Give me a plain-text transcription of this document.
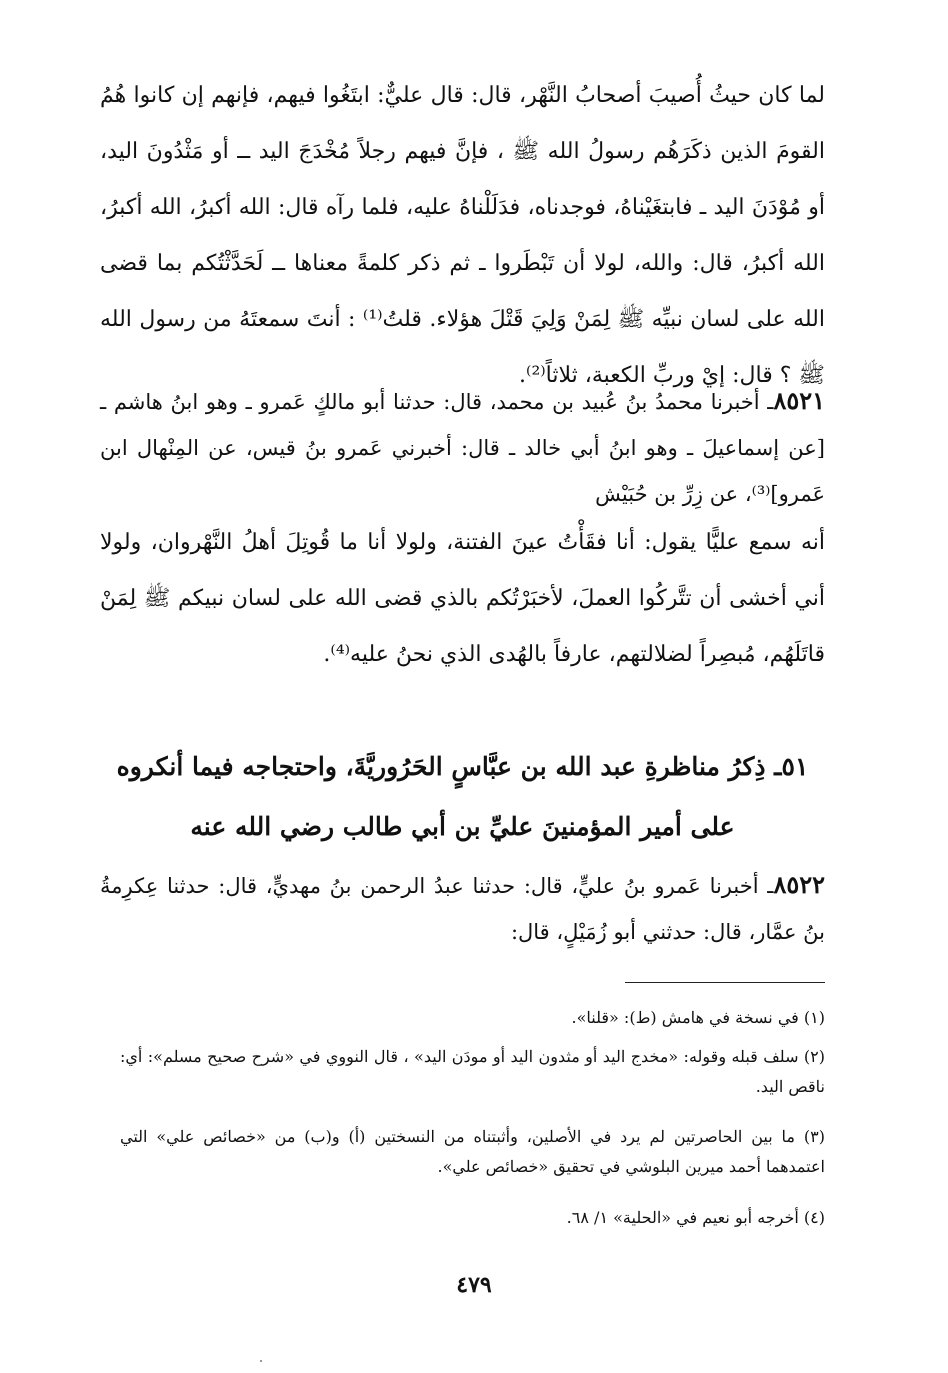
لما كان حيثُ أُصيبَ أصحابُ النَّهْر، قال: قال عليٌّ: ابتَغُوا فيهم، فإنهم إن كانوا هُمُ القومَ الذين ذكَرَهُم رسولُ الله ﷺ ، فإنَّ فيهم رجلاً مُخْدَجَ اليد ــ أو مَثْدُونَ اليد، أو مُوْدَنَ اليد ـ فابتغَيْناهُ، فوجدناه، فدَلَلْناهُ عليه، فلما رآه قال: الله أكبرُ، الله أكبرُ، الله أكبرُ، قال: والله، لولا أن تَبْطَروا ـ ثم ذكر كلمةً معناها ــ لَحَدَّثْتُكم بما قضى الله على لسان نبيِّه ﷺ لِمَنْ وَلِيَ قَتْلَ هؤلاء. قلتُ⁽¹⁾ : أنتَ سمعتَهُ من رسول الله ﷺ ؟ قال: إيْ وربِّ الكعبة، ثلاثاً⁽²⁾.
٨٥٢١ـ أخبرنا محمدُ بنُ عُبيد بن محمد، قال: حدثنا أبو مالكٍ عَمرو ـ وهو ابنُ هاشم ـ [عن إسماعيلَ ـ وهو ابنُ أبي خالد ـ قال: أخبرني عَمرو بنُ قيس، عن المِنْهال ابن عَمرو]⁽³⁾، عن زِرِّ بن حُبَيْش
أنه سمع عليًّا يقول: أنا فقَأْتُ عينَ الفتنة، ولولا أنا ما قُوتِلَ أهلُ النَّهْروان، ولولا أني أخشى أن تتَّركُوا العملَ، لأخبَرْتُكم بالذي قضى الله على لسان نبيكم ﷺ لِمَنْ قاتَلَهُم، مُبصِراً لضلالتهم، عارفاً بالهُدى الذي نحنُ عليه⁽⁴⁾.
٥١ـ ذِكرُ مناظرةِ عبد الله بن عبَّاسٍ الحَرُوريَّةَ، واحتجاجه فيما أنكروه
على أمير المؤمنينَ عليِّ بن أبي طالب رضي الله عنه
٨٥٢٢ـ أخبرنا عَمرو بنُ عليٍّ، قال: حدثنا عبدُ الرحمن بنُ مهديٍّ، قال: حدثنا عِكرِمةُ بنُ عمَّار، قال: حدثني أبو زُمَيْلٍ، قال:
(١) في نسخة في هامش (ط): «قلنا».
(٢) سلف قبله وقوله: «مخدج اليد أو مثدون اليد أو مودَن اليد» ، قال النووي في «شرح صحيح مسلم»: أي: ناقص اليد.
(٣) ما بين الحاصرتين لم يرد في الأصلين، وأثبتناه من النسختين (أ) و(ب) من «خصائص علي» التي اعتمدهما أحمد ميرين البلوشي في تحقيق «خصائص علي».
(٤) أخرجه أبو نعيم في «الحلية» ١/ ٦٨.
٤٧٩
